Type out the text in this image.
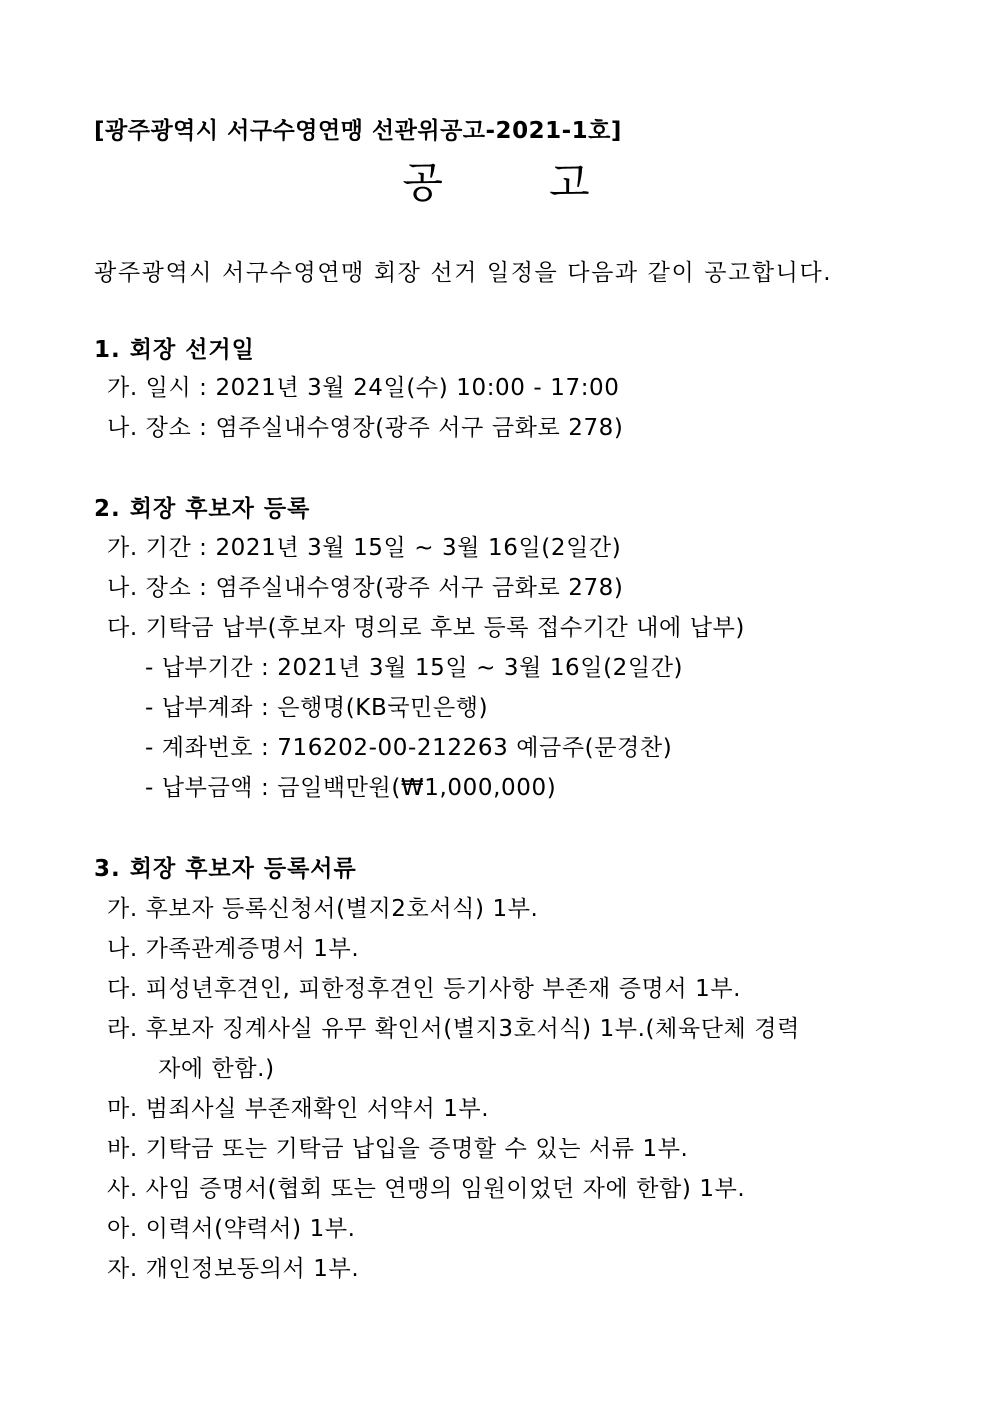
[광주광역시 서구수영연맹 선관위공고-2021-1호]
공	고
광주광역시 서구수영연맹 회장 선거 일정을 다음과 같이 공고합니다.
1. 회장 선거일
가. 일시 : 2021년 3월 24일(수) 10:00 - 17:00
나. 장소 : 염주실내수영장(광주 서구 금화로 278)
2. 회장 후보자 등록
가. 기간 : 2021년 3월 15일 ~ 3월 16일(2일간)
나. 장소 : 염주실내수영장(광주 서구 금화로 278)
다. 기탁금 납부(후보자 명의로 후보 등록 접수기간 내에 납부)
- 납부기간 : 2021년 3월 15일 ~ 3월 16일(2일간)
- 납부계좌 : 은행명(KB국민은행)
- 계좌번호 : 716202-00-212263 예금주(문경찬)
- 납부금액 : 금일백만원(₩1,000,000)
3. 회장 후보자 등록서류
가. 후보자 등록신청서(별지2호서식) 1부.
나. 가족관계증명서 1부.
다. 피성년후견인, 피한정후견인 등기사항 부존재 증명서 1부.
라. 후보자 징계사실 유무 확인서(별지3호서식) 1부.(체육단체 경력
자에 한함.)
마. 범죄사실 부존재확인 서약서 1부.
바. 기탁금 또는 기탁금 납입을 증명할 수 있는 서류 1부.
사. 사임 증명서(협회 또는 연맹의 임원이었던 자에 한함) 1부.
아. 이력서(약력서) 1부.
자. 개인정보동의서 1부.
